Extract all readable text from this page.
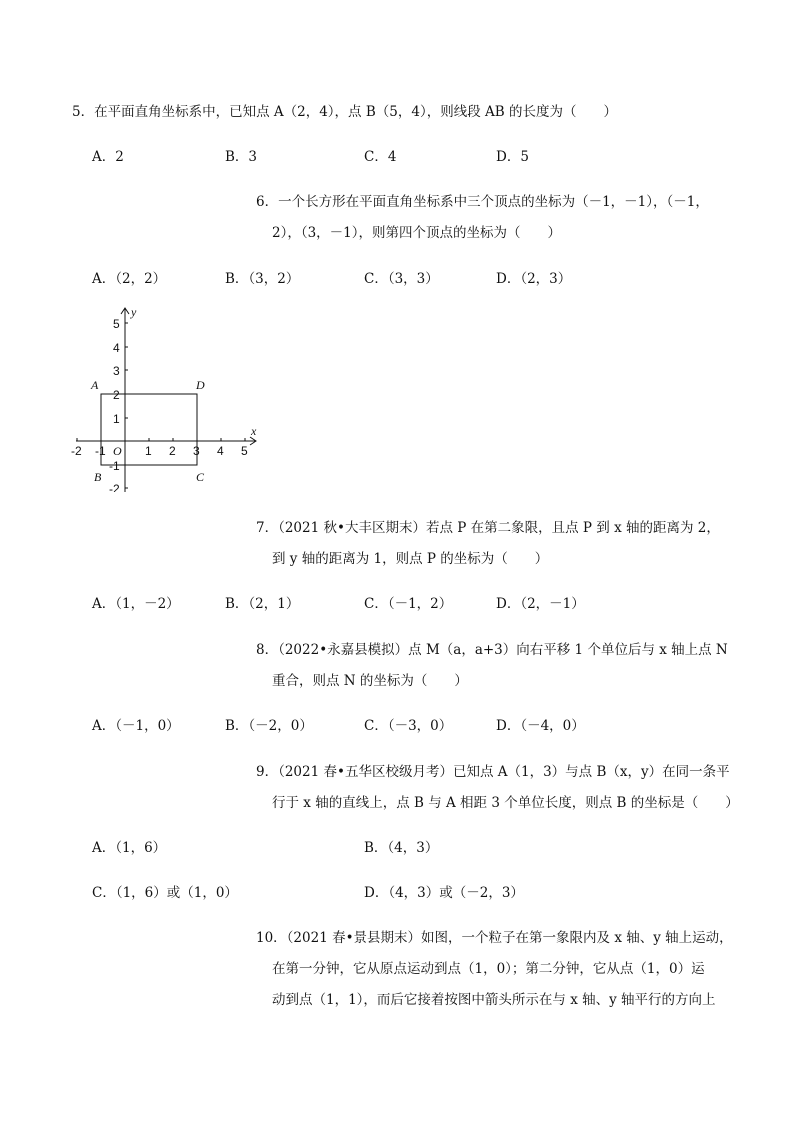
5．在平面直角坐标系中，已知点 A（2，4），点 B（5，4），则线段 AB 的长度为（　　）
A．2	B．3	C．4	D．5
6．一个长方形在平面直角坐标系中三个顶点的坐标为（－1，－1），（－1，
2），（3，－1），则第四个顶点的坐标为（　　）
A．（2，2）	B．（3，2）	C．（3，3）	D．（2，3）
x
y
O
-2 -1	1 2 3 4 5
5
4
3
2
1
-1
-2
A	D
B	C
7．（2021 秋•大丰区期末）若点 P 在第二象限，且点 P 到 x 轴的距离为 2，
到 y 轴的距离为 1，则点 P 的坐标为（　　）
A．（1，－2）	B．（2，1）	C．（－1，2）	D．（2，－1）
8．（2022•永嘉县模拟）点 M（a，a+3）向右平移 1 个单位后与 x 轴上点 N
重合，则点 N 的坐标为（　　）
A．（－1，0）	B．（－2，0）	C．（－3，0）	D．（－4，0）
9．（2021 春•五华区校级月考）已知点 A（1，3）与点 B（x，y）在同一条平
行于 x 轴的直线上，点 B 与 A 相距 3 个单位长度，则点 B 的坐标是（　　）
A．（1，6）	B．（4，3）
C．（1，6）或（1，0）	D．（4，3）或（－2，3）
10．（2021 春•景县期末）如图，一个粒子在第一象限内及 x 轴、y 轴上运动，
在第一分钟，它从原点运动到点（1，0）；第二分钟，它从点（1，0）运
动到点（1，1），而后它接着按图中箭头所示在与 x 轴、y 轴平行的方向上
